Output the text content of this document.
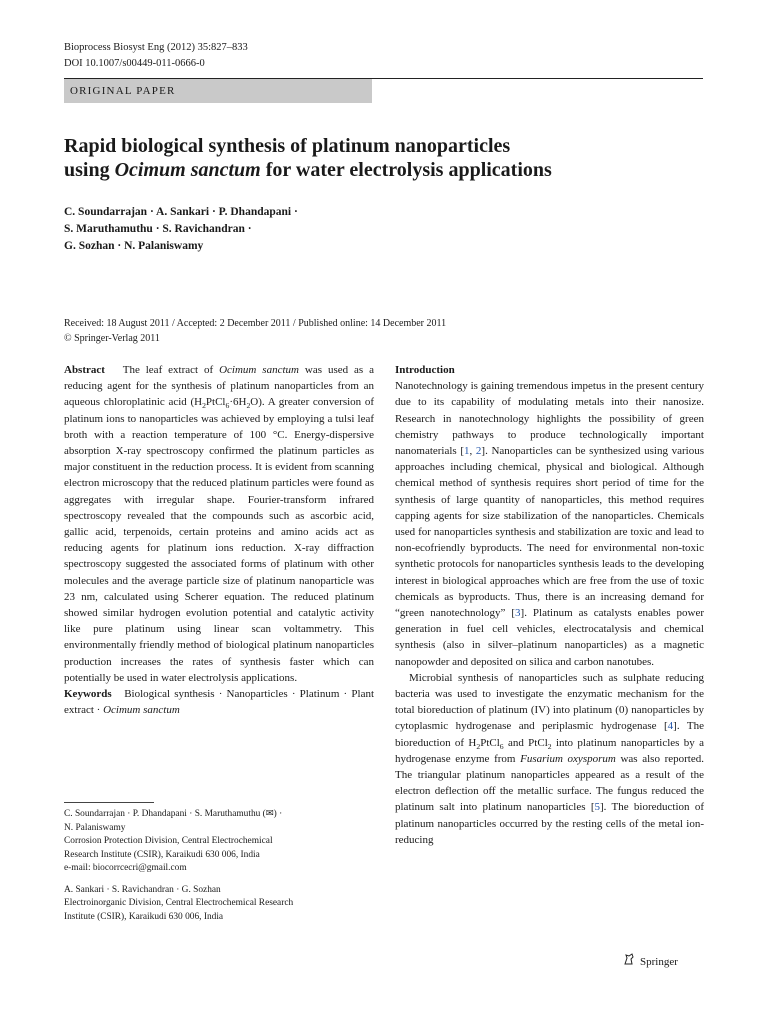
Bioprocess Biosyst Eng (2012) 35:827–833
DOI 10.1007/s00449-011-0666-0
ORIGINAL PAPER
Rapid biological synthesis of platinum nanoparticles
using Ocimum sanctum for water electrolysis applications
C. Soundarrajan · A. Sankari · P. Dhandapani ·
S. Maruthamuthu · S. Ravichandran ·
G. Sozhan · N. Palaniswamy
Received: 18 August 2011 / Accepted: 2 December 2011 / Published online: 14 December 2011
© Springer-Verlag 2011

Abstract The leaf extract of Ocimum sanctum was used as a reducing agent for the synthesis of platinum nanoparticles from an aqueous chloroplatinic acid $(H_2PtCl_6\cdot 6H_2O)$. A greater conversion of platinum ions to nanoparticles was achieved by employing a tulsi leaf broth with a reaction temperature of 100 °C. Energy-dispersive absorption X-ray spectroscopy confirmed the platinum particles as major constituent in the reduction process. It is evident from scanning electron microscopy that the reduced platinum particles were found as aggregates with irregular shape. Fourier-transform infrared spectroscopy revealed that the compounds such as ascorbic acid, gallic acid, terpenoids, certain proteins and amino acids act as reducing agents for platinum ions reduction. X-ray diffraction spectroscopy suggested the associated forms of platinum with other molecules and the average particle size of platinum nanoparticle was 23 nm, calculated using Scherer equation. The reduced platinum showed similar hydrogen evolution potential and catalytic activity like pure platinum using linear scan voltammetry. This environmentally friendly method of biological platinum nanoparticles production increases the rates of synthesis faster which can potentially be used in water electrolysis applications.

Keywords Biological synthesis · Nanoparticles · Platinum · Plant extract · Ocimum sanctum

C. Soundarrajan · P. Dhandapani · S. Maruthamuthu (✉) ·
N. Palaniswamy
Corrosion Protection Division, Central Electrochemical
Research Institute (CSIR), Karaikudi 630 006, India
e-mail: biocorrcecri@gmail.com

A. Sankari · S. Ravichandran · G. Sozhan
Electroinorganic Division, Central Electrochemical Research
Institute (CSIR), Karaikudi 630 006, India

Introduction

Nanotechnology is gaining tremendous impetus in the present century due to its capability of modulating metals into their nanosize. Research in nanotechnology highlights the possibility of green chemistry pathways to produce technologically important nanomaterials [1, 2]. Nanoparticles can be synthesized using various approaches including chemical, physical and biological. Although chemical method of synthesis requires short period of time for the synthesis of large quantity of nanoparticles, this method requires capping agents for size stabilization of the nanoparticles. Chemicals used for nanoparticles synthesis and stabilization are toxic and lead to non-ecofriendly byproducts. The need for environmental non-toxic synthetic protocols for nanoparticles synthesis leads to the developing interest in biological approaches which are free from the use of toxic chemicals as byproducts. Thus, there is an increasing demand for “green nanotechnology” [3]. Platinum as catalysts enables power generation in fuel cell vehicles, electrocatalysis and chemical synthesis (also in silver–platinum nanoparticles) as a magnetic nanopowder and deposited on silica and carbon nanotubes.

Microbial synthesis of nanoparticles such as sulphate reducing bacteria was used to investigate the enzymatic mechanism for the total bioreduction of platinum (IV) into platinum (0) nanoparticles by cytoplasmic hydrogenase and periplasmic hydrogenase [4]. The bioreduction of $H_2PtCl_6$ and PtCl$_2$ into platinum nanoparticles by a hydrogenase enzyme from Fusarium oxysporum was also reported. The triangular platinum nanoparticles appeared as a result of the electron deflection off the metallic surface. The fungus reduced the platinum salt into platinum nanoparticles [5]. The bioreduction of platinum nanoparticles occurred by the resting cells of the metal ion-reducing

Springer
